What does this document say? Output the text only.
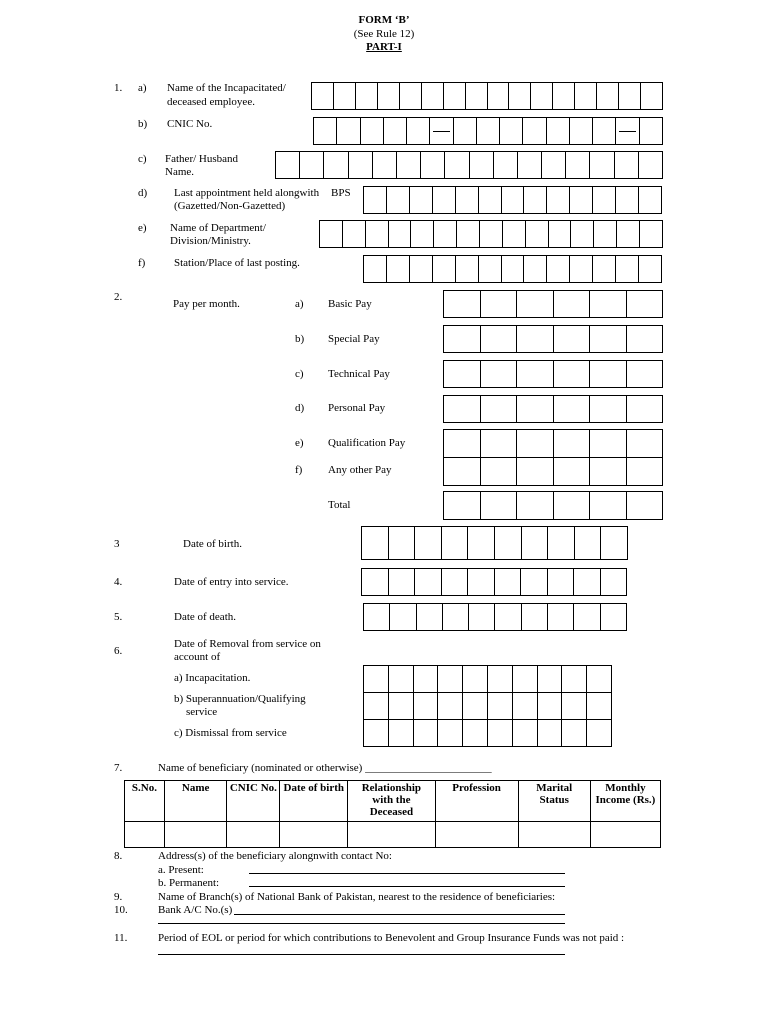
FORM ‘B’
(See Rule 12)
PART-I
1. a) Name of the Incapacitated/
deceased employee.
b) CNIC No.
c) Father/ Husband
Name.
d) Last appointment held alongwith
(Gazetted/Non-Gazetted)
BPS
e) Name of Department/
Division/Ministry.
f)	Station/Place of last posting.
2.
Pay per month.	a) Basic Pay
b) Special Pay
c) Technical Pay
d) Personal Pay
e) Qualification Pay
f) Any other Pay
Total
3	Date of birth.
4.	Date of entry into service.
5.	Date of death.
6.
Date of Removal from service on
account of
a) Incapacitation.
b) Superannuation/Qualifying
service
c) Dismissal from service
7.	Name of beneficiary (nominated or otherwise) _______________________
S.No.	Name	CNIC No.	Date of birth	Relationship with the Deceased	Profession	Marital Status	Monthly Income (Rs.)

8.	Address(s) of the beneficiary alongnwith contact No:
a. Present:
b. Permanent:
9.	Name of Branch(s) of National Bank of Pakistan, nearest to the residence of beneficiaries:
10.	Bank A/C No.(s)
11.	Period of EOL or period for which contributions to Benevolent and Group Insurance Funds was not paid :
